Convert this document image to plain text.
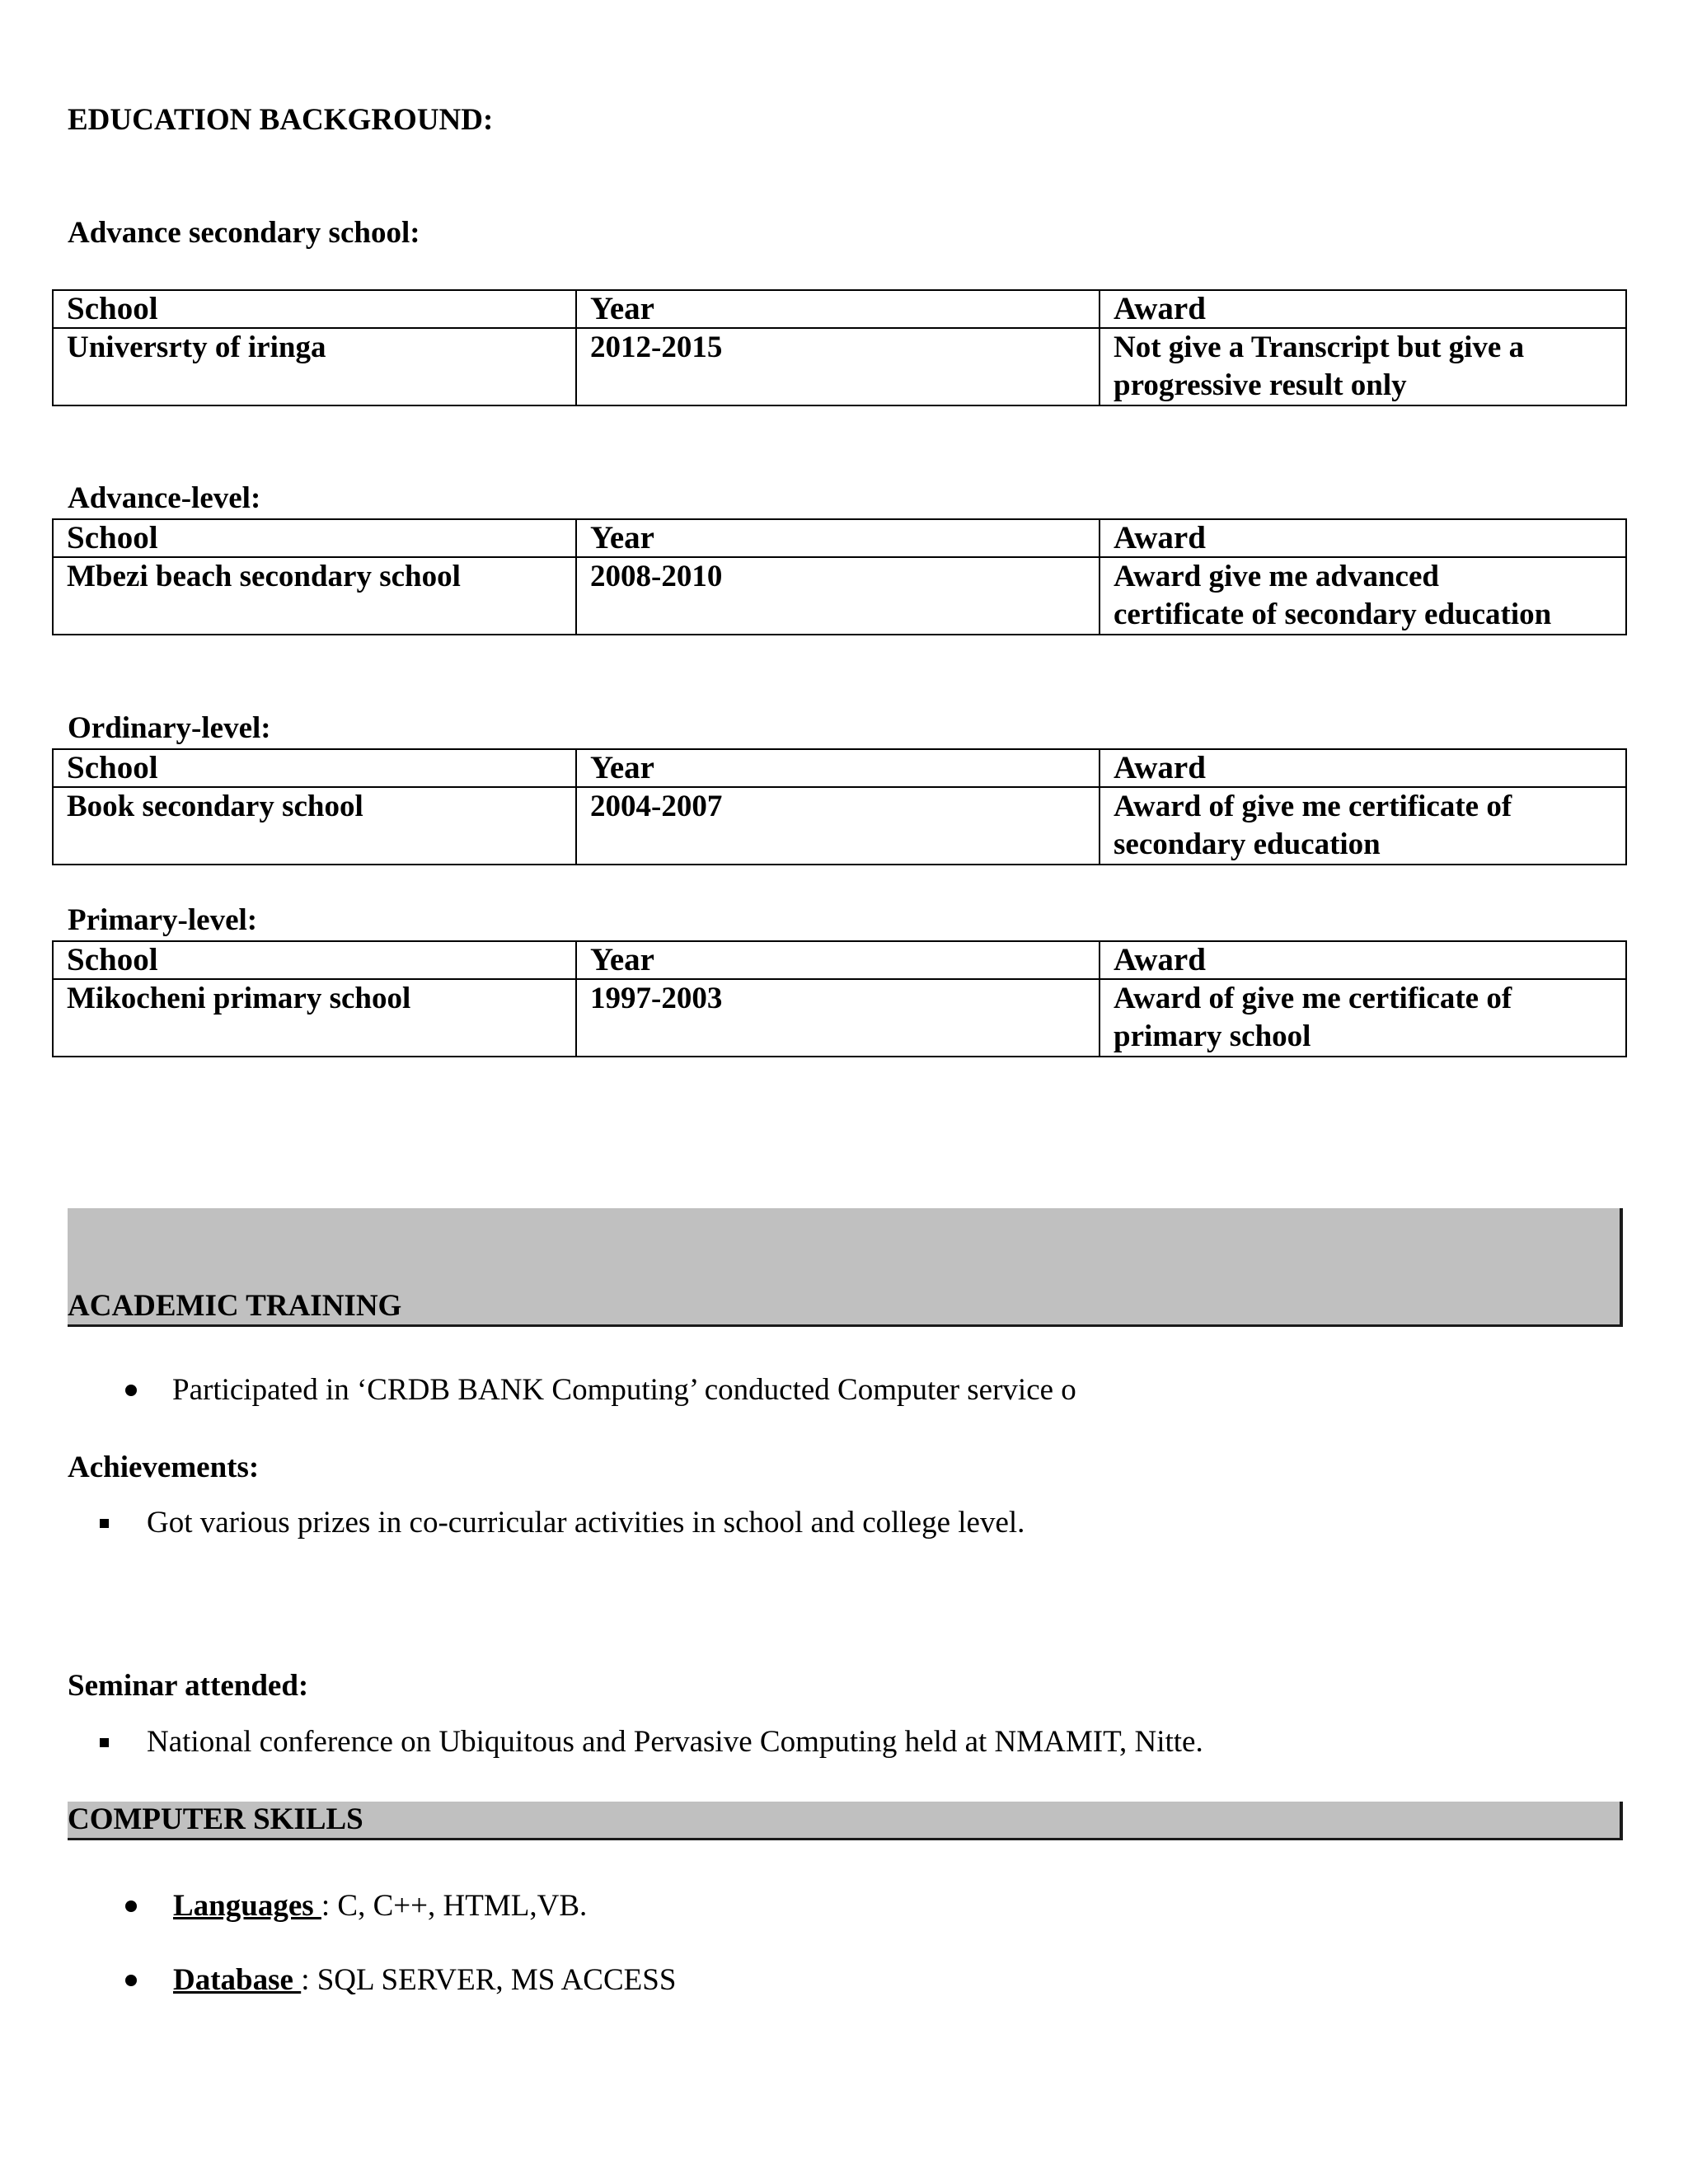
EDUCATION BACKGROUND:
Advance secondary school:
School	Year	Award
Universrty of iringa	2012-2015	Not give a Transcript but give a
progressive result only
Advance-level:
School	Year	Award
Mbezi beach secondary school	2008-2010	Award give me advanced
certificate of secondary education
Ordinary-level:
School	Year	Award
Book secondary school	2004-2007	Award of give me certificate of
secondary education
Primary-level:
School	Year	Award
Mikocheni primary school	1997-2003	Award of give me certificate of
primary school
ACADEMIC TRAINING
Participated in ‘CRDB BANK Computing’ conducted Computer service o
Achievements:
Got various prizes in co-curricular activities in school and college level.
Seminar attended:
National conference on Ubiquitous and Pervasive Computing held at NMAMIT, Nitte.
COMPUTER SKILLS
Languages : C, C++, HTML,VB.
Database : SQL SERVER, MS ACCESS
